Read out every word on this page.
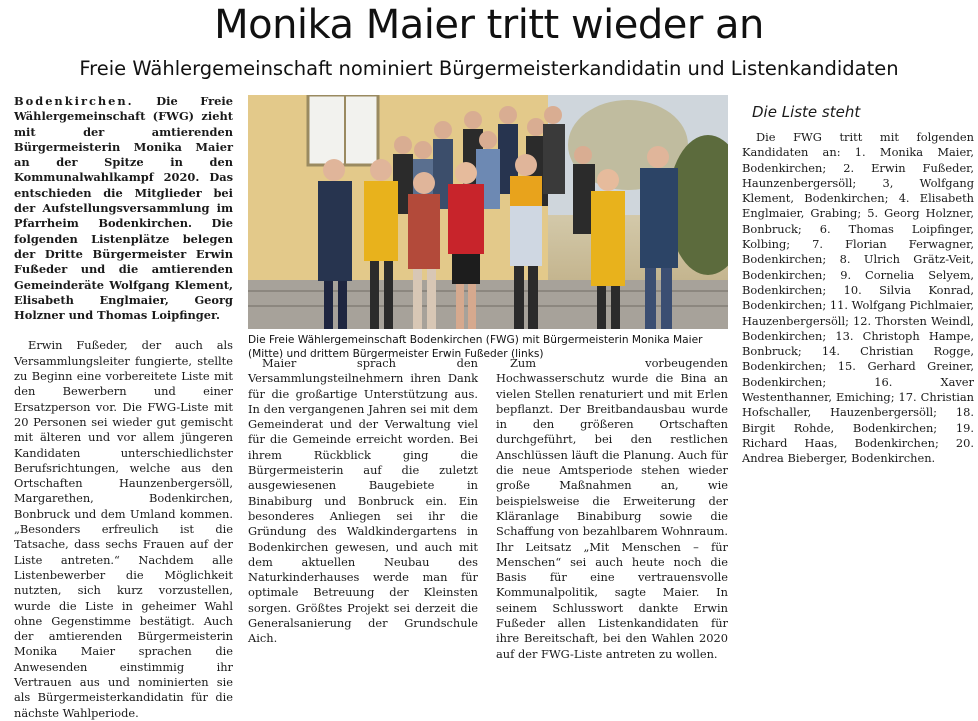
Monika Maier tritt wieder an
Freie Wählergemeinschaft nominiert Bürgermeisterkandidatin und Listenkandidaten

Bodenkirchen. Die Freie Wählergemeinschaft (FWG) zieht mit der amtierenden Bürgermeisterin Monika Maier an der Spitze in den Kommunalwahlkampf 2020. Das entschieden die Mitglieder bei der Aufstellungsversammlung im Pfarrheim Bodenkirchen. Die folgenden Listenplätze belegen der Dritte Bürgermeister Erwin Fußeder und die amtierenden Gemeinderäte Wolfgang Klement, Elisabeth Englmaier, Georg Holzner und Thomas Loipfinger.

Erwin Fußeder, der auch als Versammlungsleiter fungierte, stellte zu Beginn eine vorbereitete Liste mit den Bewerbern und einer Ersatzperson vor. Die FWG-Liste mit 20 Personen sei wieder gut gemischt mit älteren und vor allem jüngeren Kandidaten unterschiedlichster Berufsrichtungen, welche aus den Ortschaften Haunzenbergersöll, Margarethen, Bodenkirchen, Bonbruck und dem Umland kommen. „Besonders erfreulich ist die Tatsache, dass sechs Frauen auf der Liste antreten.“ Nachdem alle Listenbewerber die Möglichkeit nutzten, sich kurz vorzustellen, wurde die Liste in geheimer Wahl ohne Gegenstimme bestätigt. Auch der amtierenden Bürgermeisterin Monika Maier sprachen die Anwesenden einstimmig ihr Vertrauen aus und nominierten sie als Bürgermeisterkandidatin für die nächste Wahlperiode.

Die Freie Wählergemeinschaft Bodenkirchen (FWG) mit Bürgermeisterin Monika Maier (Mitte) und drittem Bürgermeister Erwin Fußeder (links)

Maier sprach den Versammlungsteilnehmern ihren Dank für die großartige Unterstützung aus. In den vergangenen Jahren sei mit dem Gemeinderat und der Verwaltung viel für die Gemeinde erreicht worden. Bei ihrem Rückblick ging die Bürgermeisterin auf die zuletzt ausgewiesenen Baugebiete in Binabiburg und Bonbruck ein. Ein besonderes Anliegen sei ihr die Gründung des Waldkindergartens in Bodenkirchen gewesen, und auch mit dem aktuellen Neubau des Naturkinderhauses werde man für optimale Betreuung der Kleinsten sorgen. Größtes Projekt sei derzeit die Generalsanierung der Grundschule Aich.

Zum vorbeugenden Hochwasserschutz wurde die Bina an vielen Stellen renaturiert und mit Erlen bepflanzt. Der Breitbandausbau wurde in den größeren Ortschaften durchgeführt, bei den restlichen Anschlüssen läuft die Planung. Auch für die neue Amtsperiode stehen wieder große Maßnahmen an, wie beispielsweise die Erweiterung der Kläranlage Binabiburg sowie die Schaffung von bezahlbarem Wohnraum. Ihr Leitsatz „Mit Menschen – für Menschen“ sei auch heute noch die Basis für eine vertrauensvolle Kommunalpolitik, sagte Maier. In seinem Schlusswort dankte Erwin Fußeder allen Listenkandidaten für ihre Bereitschaft, bei den Wahlen 2020 auf der FWG-Liste antreten zu wollen.

Die Liste steht

Die FWG tritt mit folgenden Kandidaten an: 1. Monika Maier, Bodenkirchen; 2. Erwin Fußeder, Haunzenbergersöll; 3, Wolfgang Klement, Bodenkirchen; 4. Elisabeth Englmaier, Grabing; 5. Georg Holzner, Bonbruck; 6. Thomas Loipfinger, Kolbing; 7. Florian Ferwagner, Bodenkirchen; 8. Ulrich Grätz-Veit, Bodenkirchen; 9. Cornelia Selyem, Bodenkirchen; 10. Silvia Konrad, Bodenkirchen; 11. Wolfgang Pichlmaier, Hauzenbergersöll; 12. Thorsten Weindl, Bodenkirchen; 13. Christoph Hampe, Bonbruck; 14. Christian Rogge, Bodenkirchen; 15. Gerhard Greiner, Bodenkirchen; 16. Xaver Westenthanner, Emiching; 17. Christian Hofschaller, Hauzenbergersöll; 18. Birgit Rohde, Bodenkirchen; 19. Richard Haas, Bodenkirchen; 20. Andrea Bieberger, Bodenkirchen.
